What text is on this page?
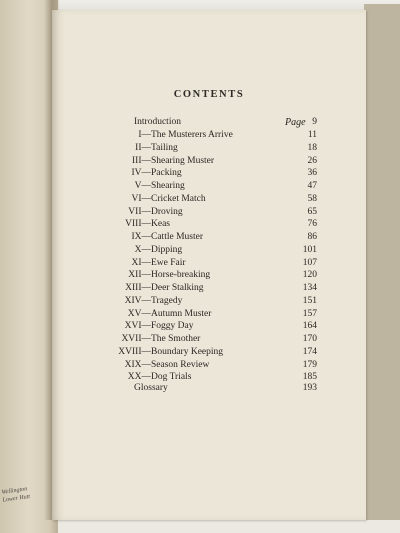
Wellington
Lower Hutt
CONTENTS
Introduction	Page 9
I— The Musterers Arrive	11
II— Tailing	18
III— Shearing Muster	26
IV— Packing	36
V— Shearing	47
VI— Cricket Match	58
VII— Droving	65
VIII— Keas	76
IX— Cattle Muster	86
X— Dipping	101
XI— Ewe Fair	107
XII— Horse-breaking	120
XIII— Deer Stalking	134
XIV— Tragedy	151
XV— Autumn Muster	157
XVI— Foggy Day	164
XVII— The Smother	170
XVIII— Boundary Keeping	174
XIX— Season Review	179
XX— Dog Trials	185
Glossary	193
